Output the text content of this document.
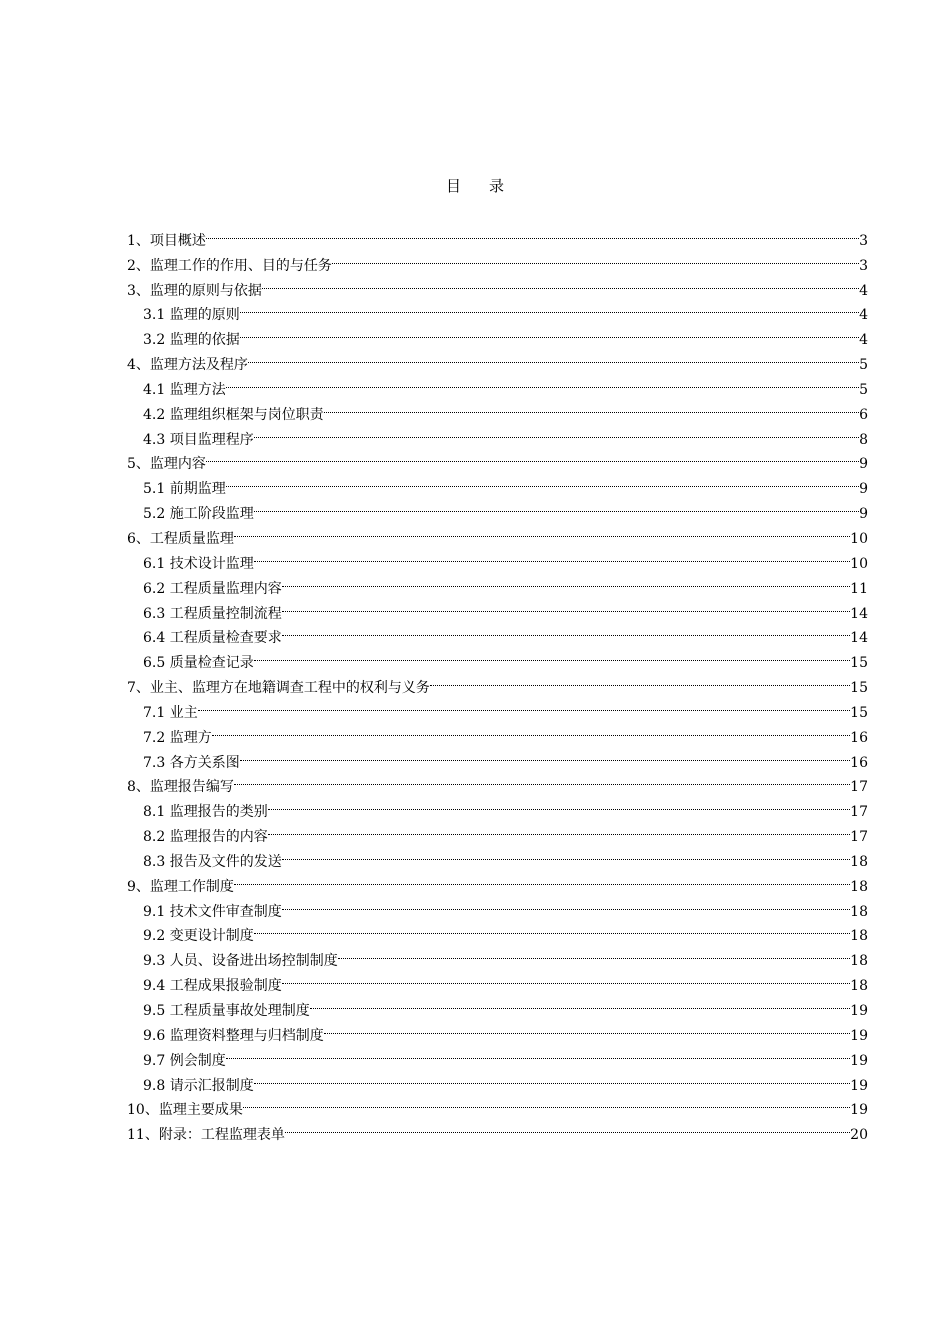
目 录
1、项目概述	3
2、监理工作的作用、目的与任务	3
3、监理的原则与依据	4
3.1 监理的原则	4
3.2 监理的依据	4
4、监理方法及程序	5
4.1 监理方法	5
4.2 监理组织框架与岗位职责	6
4.3 项目监理程序	8
5、监理内容	9
5.1 前期监理	9
5.2 施工阶段监理	9
6、工程质量监理	10
6.1 技术设计监理	10
6.2 工程质量监理内容	11
6.3 工程质量控制流程	14
6.4 工程质量检查要求	14
6.5 质量检查记录	15
7、业主、监理方在地籍调查工程中的权利与义务	15
7.1 业主	15
7.2 监理方	16
7.3 各方关系图	16
8、监理报告编写	17
8.1 监理报告的类别	17
8.2 监理报告的内容	17
8.3 报告及文件的发送	18
9、监理工作制度	18
9.1 技术文件审查制度	18
9.2 变更设计制度	18
9.3 人员、设备进出场控制制度	18
9.4 工程成果报验制度	18
9.5 工程质量事故处理制度	19
9.6 监理资料整理与归档制度	19
9.7 例会制度	19
9.8 请示汇报制度	19
10、监理主要成果	19
11、附录：工程监理表单	20
